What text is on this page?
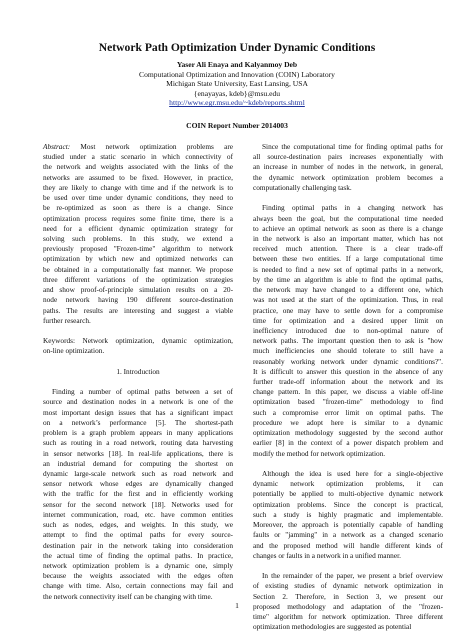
Network Path Optimization Under Dynamic Conditions
Yaser Ali Enaya and Kalyanmoy Deb
Computational Optimization and Innovation (COIN) Laboratory
Michigan State University, East Lansing, USA
{enayayas, kdeb}@msu.edu
http://www.egr.msu.edu/~kdeb/reports.shtml
COIN Report Number 2014003

Abstract: Most network optimization problems are

studied under a static scenario in which connectivity of

the network and weights associated with the links of the

networks are assumed to be fixed. However, in practice,

they are likely to change with time and if the network is to

be used over time under dynamic conditions, they need to

be re-optimized as soon as there is a change. Since

optimization process requires some finite time, there is a

need for a efficient dynamic optimization strategy for

solving such problems. In this study, we extend a

previously proposed "Frozen-time" algorithm to network

optimization by which new and optimized networks can

be obtained in a computationally fast manner. We propose

three different variations of the optimization strategies

and show proof-of-principle simulation results on a 20-

node network having 190 different source-destination

paths. The results are interesting and suggest a viable

further research.

Keywords: Network optimization, dynamic optimization,

on-line optimization.

1. Introduction

Finding a number of optimal paths between a set of

source and destination nodes in a network is one of the

most important design issues that has a significant impact

on a network’s performance [5]. The shortest-path

problem is a graph problem appears in many applications

such as routing in a road network, routing data harvesting

in sensor networks [18]. In real-life applications, there is

an industrial demand for computing the shortest on

dynamic large-scale network such as road network and

sensor network whose edges are dynamically changed

with the traffic for the first and in efficiently working

sensor for the second network [18]. Networks used for

internet communication, road, etc. have common entities

such as nodes, edges, and weights. In this study, we

attempt to find the optimal paths for every source-

destination pair in the network taking into consideration

the actual time of finding the optimal paths. In practice,

network optimization problem is a dynamic one, simply

because the weights associated with the edges often

change with time. Also, certain connections may fail and

the network connectivity itself can be changing with time.

Since the computational time for finding optimal paths for

all source-destination pairs increases exponentially with

an increase in number of nodes in the network, in general,

the dynamic network optimization problem becomes a

computationally challenging task.

Finding optimal paths in a changing network has

always been the goal, but the computational time needed

to achieve an optimal network as soon as there is a change

in the network is also an important matter, which has not

received much attention. There is a clear trade-off

between these two entities. If a large computational time

is needed to find a new set of optimal paths in a network,

by the time an algorithm is able to find the optimal paths,

the network may have changed to a different one, which

was not used at the start of the optimization. Thus, in real

practice, one may have to settle down for a compromise

time for optimization and a desired upper limit on

inefficiency introduced due to non-optimal nature of

network paths. The important question then to ask is "how

much inefficiencies one should tolerate to still have a

reasonably working network under dynamic conditions?".

It is difficult to answer this question in the absence of any

further trade-off information about the network and its

change pattern. In this paper, we discuss a viable off-line

optimization based "frozen-time" methodology to find

such a compromise error limit on optimal paths. The

procedure we adopt here is similar to a dynamic

optimization methodology suggested by the second author

earlier [8] in the context of a power dispatch problem and

modify the method for network optimization.

Although the idea is used here for a single-objective

dynamic network optimization problems, it can

potentially be applied to multi-objective dynamic network

optimization problems. Since the concept is practical,

such a study is highly pragmatic and implementable.

Moreover, the approach is potentially capable of handling

faults or "jamming" in a network as a changed scenario

and the proposed method will handle different kinds of

changes or faults in a network in a unified manner.

In the remainder of the paper, we present a brief overview

of existing studies of dynamic network optimization in

Section 2. Therefore, in Section 3, we present our

proposed methodology and adaptation of the "frozen-

time" algorithm for network optimization. Three different

optimization methodologies are suggested as potential

1
